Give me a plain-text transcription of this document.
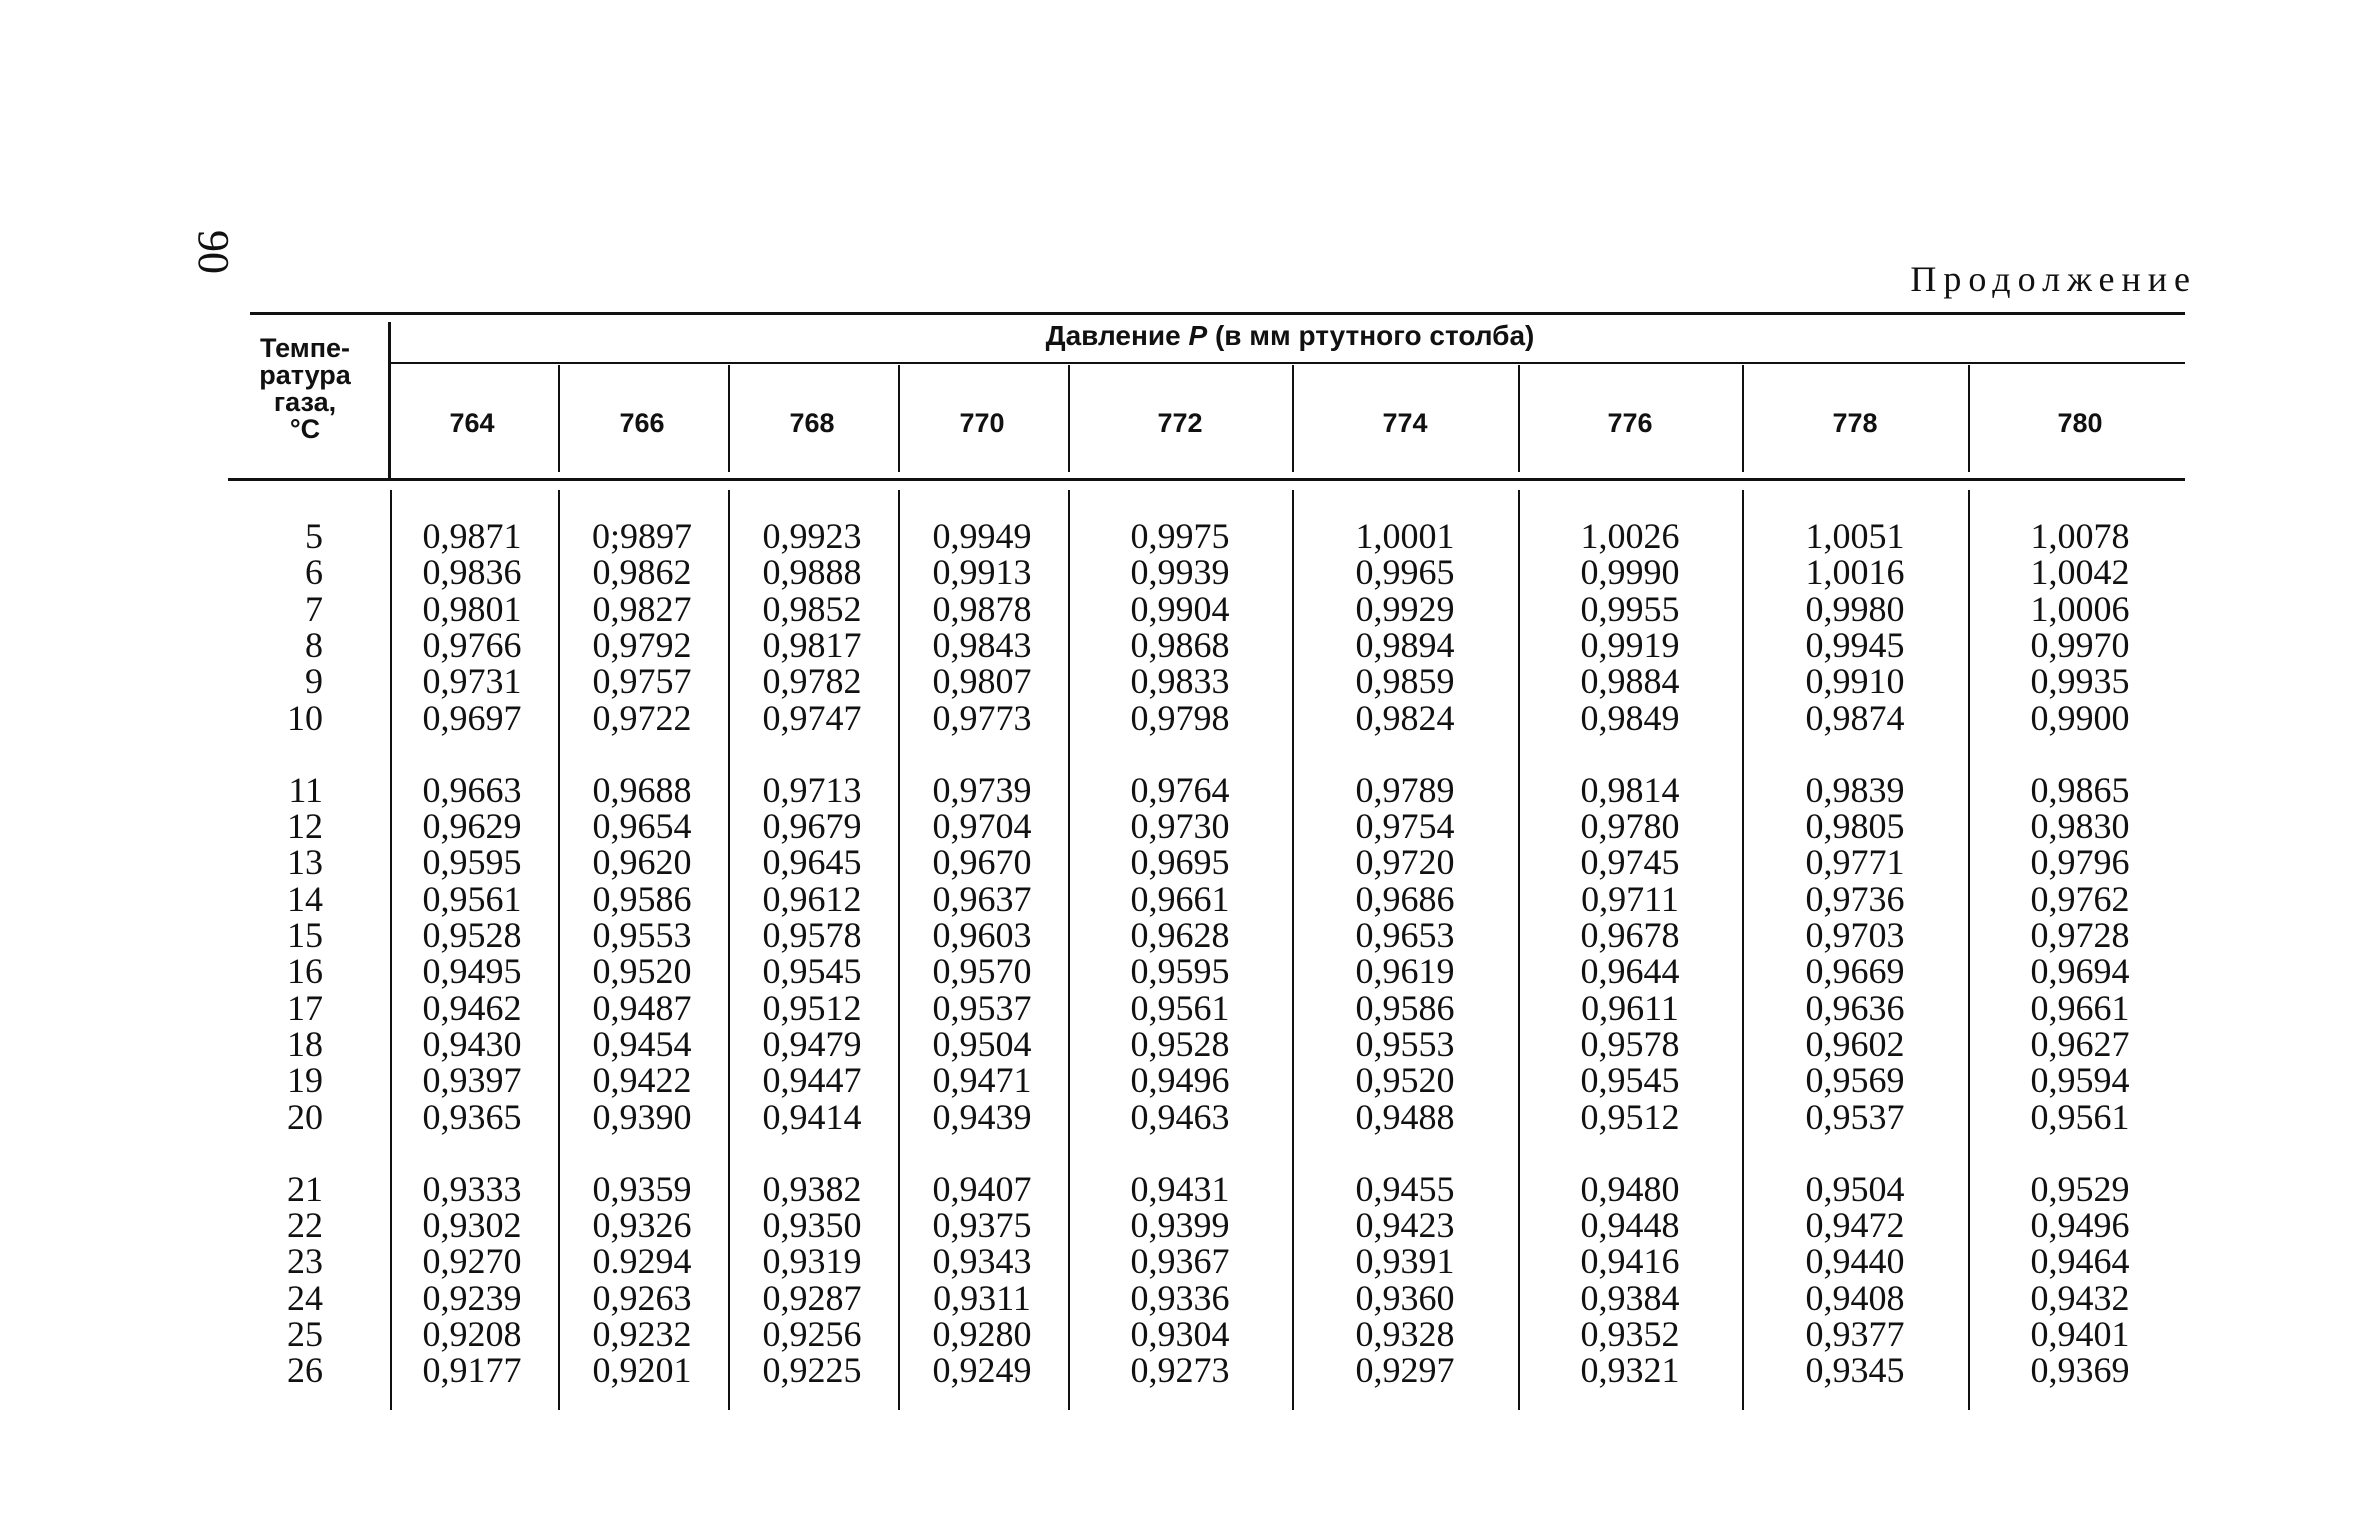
90
Продолжение
Темпе-
ратура
газа,
°C
Давление P (в мм ртутного столба)
764	766	768	770	772	774	776	778	780
5	0,9871 0;9897 0,9923 0,9949	0,9975	1,0001	1,0026	1,0051	1,0078
6	0,9836 0,9862 0,9888 0,9913	0,9939	0,9965	0,9990	1,0016	1,0042
7	0,9801 0,9827 0,9852 0,9878	0,9904	0,9929	0,9955	0,9980	1,0006
8	0,9766 0,9792 0,9817 0,9843	0,9868	0,9894	0,9919	0,9945	0,9970
9	0,9731 0,9757 0,9782 0,9807	0,9833	0,9859	0,9884	0,9910	0,9935
10	0,9697 0,9722 0,9747 0,9773	0,9798	0,9824	0,9849	0,9874	0,9900
11	0,9663 0,9688 0,9713 0,9739	0,9764	0,9789	0,9814	0,9839	0,9865
12	0,9629 0,9654 0,9679 0,9704	0,9730	0,9754	0,9780	0,9805	0,9830
13	0,9595 0,9620 0,9645 0,9670	0,9695	0,9720	0,9745	0,9771	0,9796
14	0,9561 0,9586 0,9612 0,9637	0,9661	0,9686	0,9711	0,9736	0,9762
15	0,9528 0,9553 0,9578 0,9603	0,9628	0,9653	0,9678	0,9703	0,9728
16	0,9495 0,9520 0,9545 0,9570	0,9595	0,9619	0,9644	0,9669	0,9694
17	0,9462 0,9487 0,9512 0,9537	0,9561	0,9586	0,9611	0,9636	0,9661
18	0,9430 0,9454 0,9479 0,9504	0,9528	0,9553	0,9578	0,9602	0,9627
19	0,9397 0,9422 0,9447 0,9471	0,9496	0,9520	0,9545	0,9569	0,9594
20	0,9365 0,9390 0,9414 0,9439	0,9463	0,9488	0,9512	0,9537	0,9561
21	0,9333 0,9359 0,9382 0,9407	0,9431	0,9455	0,9480	0,9504	0,9529
22	0,9302 0,9326 0,9350 0,9375	0,9399	0,9423	0,9448	0,9472	0,9496
23	0,9270 0.9294 0,9319 0,9343	0,9367	0,9391	0,9416	0,9440	0,9464
24	0,9239 0,9263 0,9287 0,9311	0,9336	0,9360	0,9384	0,9408	0,9432
25	0,9208 0,9232 0,9256 0,9280	0,9304	0,9328	0,9352	0,9377	0,9401
26	0,9177 0,9201 0,9225 0,9249	0,9273	0,9297	0,9321	0,9345	0,9369
